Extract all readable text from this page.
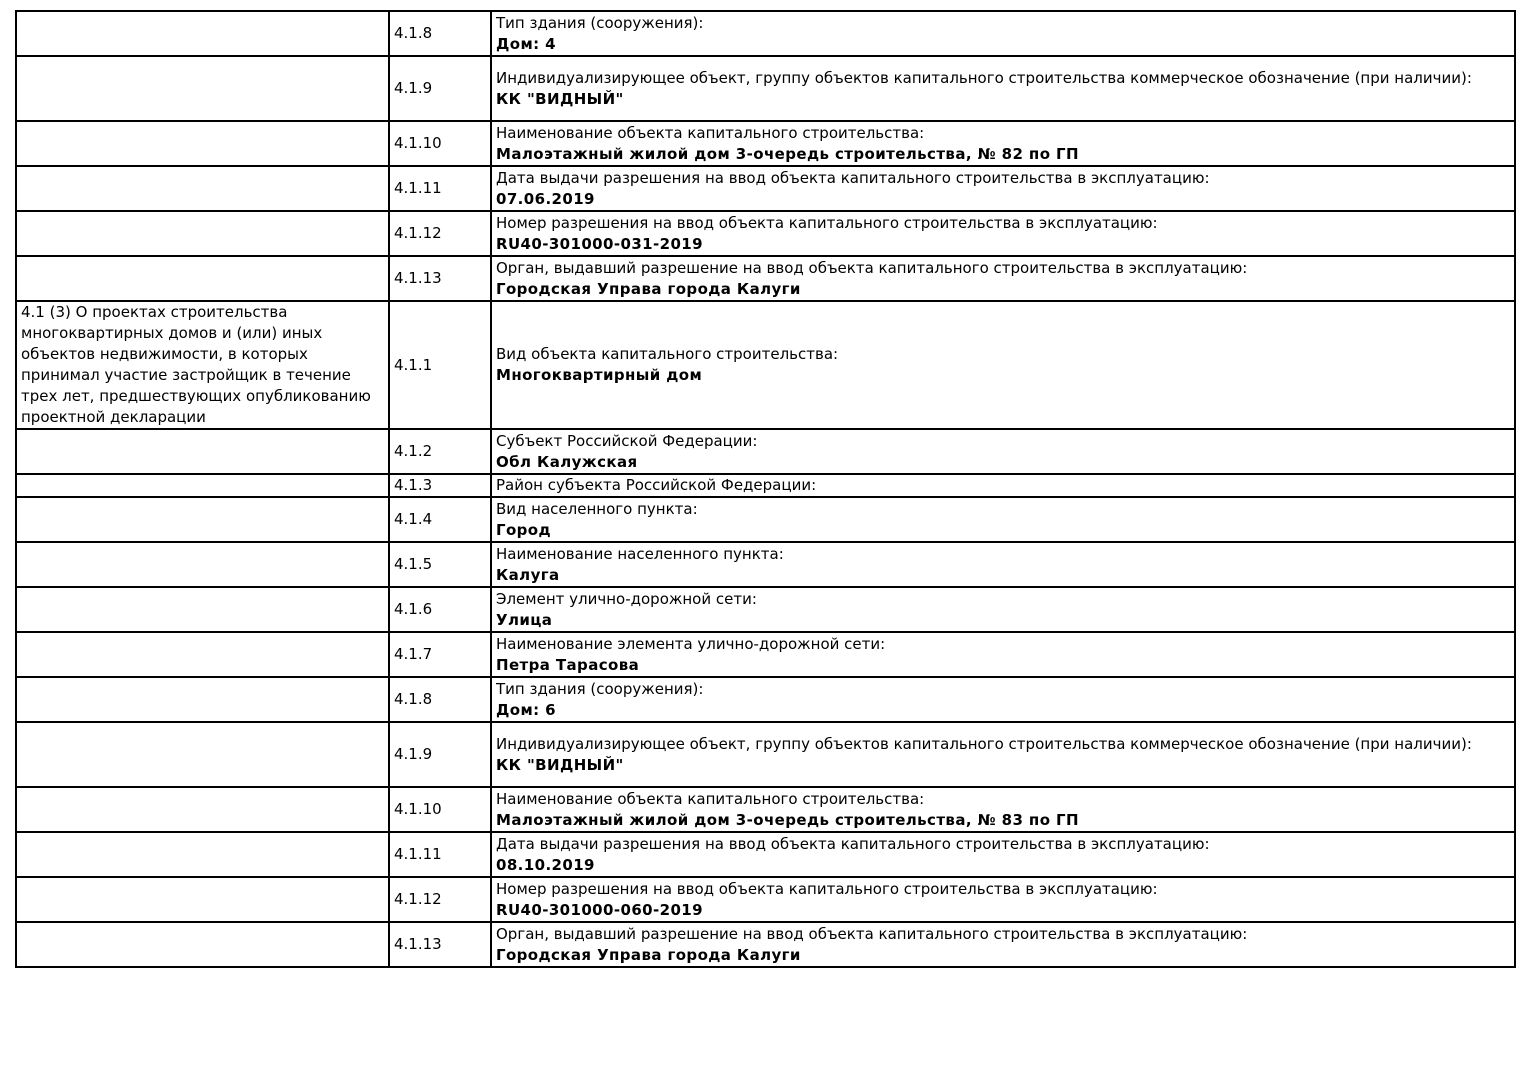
	4.1.8	Тип здания (сооружения):
Дом: 4

	4.1.9	Индивидуализирующее объект, группу объектов капитального строительства коммерческое обозначение (при наличии):
КК "ВИДНЫЙ"

	4.1.10	Наименование объекта капитального строительства:
Малоэтажный жилой дом 3-очередь строительства, № 82 по ГП

	4.1.11	Дата выдачи разрешения на ввод объекта капитального строительства в эксплуатацию:
07.06.2019

	4.1.12	Номер разрешения на ввод объекта капитального строительства в эксплуатацию:
RU40-301000-031-2019

	4.1.13	Орган, выдавший разрешение на ввод объекта капитального строительства в эксплуатацию:
Городская Управа города Калуги

4.1 (3) О проектах строительства многоквартирных домов и (или) иных объектов недвижимости, в которых принимал участие застройщик в течение трех лет, предшествующих опубликованию проектной декларации	4.1.1	Вид объекта капитального строительства:
Многоквартирный дом

	4.1.2	Субъект Российской Федерации:
Обл Калужская

	4.1.3	Район субъекта Российской Федерации:

	4.1.4	Вид населенного пункта:
Город

	4.1.5	Наименование населенного пункта:
Калуга

	4.1.6	Элемент улично-дорожной сети:
Улица

	4.1.7	Наименование элемента улично-дорожной сети:
Петра Тарасова

	4.1.8	Тип здания (сооружения):
Дом: 6

	4.1.9	Индивидуализирующее объект, группу объектов капитального строительства коммерческое обозначение (при наличии):
КК "ВИДНЫЙ"

	4.1.10	Наименование объекта капитального строительства:
Малоэтажный жилой дом 3-очередь строительства, № 83 по ГП

	4.1.11	Дата выдачи разрешения на ввод объекта капитального строительства в эксплуатацию:
08.10.2019

	4.1.12	Номер разрешения на ввод объекта капитального строительства в эксплуатацию:
RU40-301000-060-2019

	4.1.13	Орган, выдавший разрешение на ввод объекта капитального строительства в эксплуатацию:
Городская Управа города Калуги
